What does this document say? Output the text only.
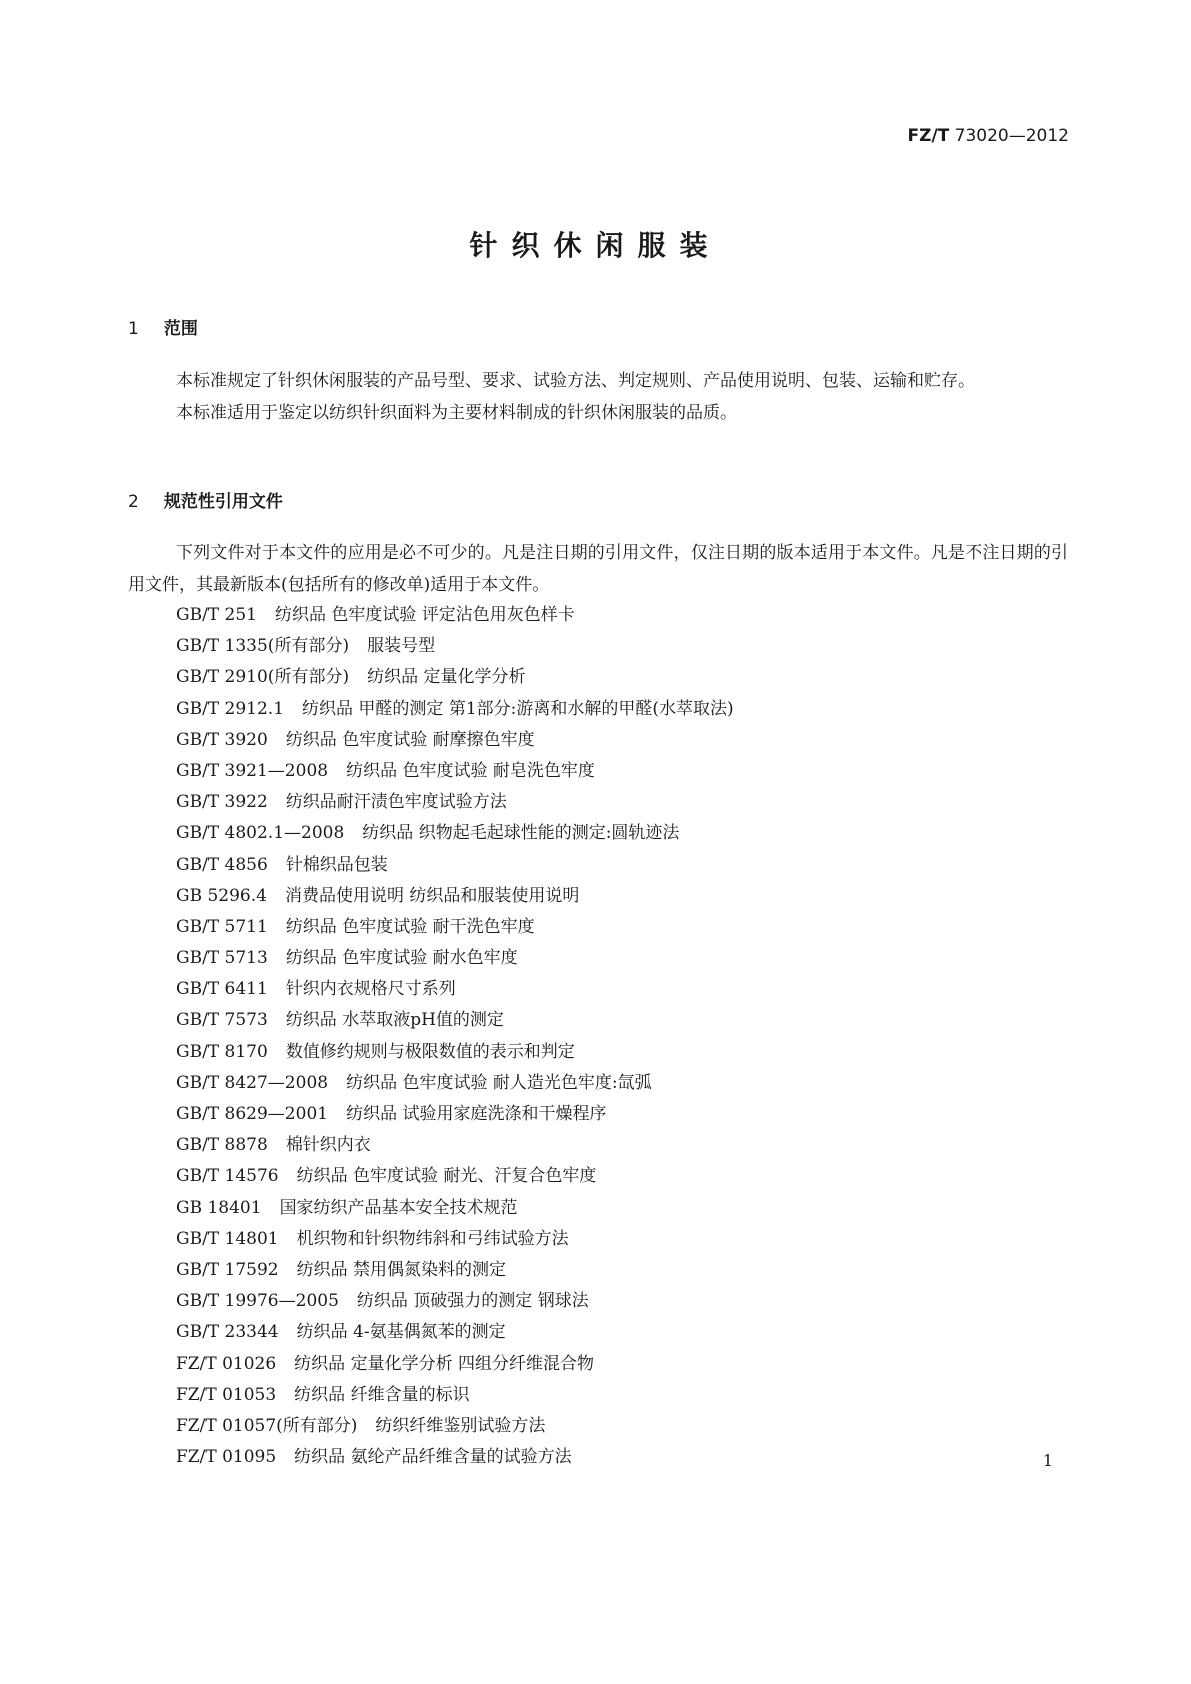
FZ/T 73020—2012
针织休闲服装
1 范围

本标准规定了针织休闲服装的产品号型、要求、试验方法、判定规则、产品使用说明、包装、运输和贮存。

本标准适用于鉴定以纺织针织面料为主要材料制成的针织休闲服装的品质。

2 规范性引用文件

下列文件对于本文件的应用是必不可少的。凡是注日期的引用文件，仅注日期的版本适用于本文件。凡是不注日期的引用文件，其最新版本(包括所有的修改单)适用于本文件。

GB/T 251 纺织品 色牢度试验 评定沾色用灰色样卡
GB/T 1335(所有部分) 服装号型
GB/T 2910(所有部分) 纺织品 定量化学分析
GB/T 2912.1 纺织品 甲醛的测定 第1部分:游离和水解的甲醛(水萃取法)
GB/T 3920 纺织品 色牢度试验 耐摩擦色牢度
GB/T 3921—2008 纺织品 色牢度试验 耐皂洗色牢度
GB/T 3922 纺织品耐汗渍色牢度试验方法
GB/T 4802.1—2008 纺织品 织物起毛起球性能的测定:圆轨迹法
GB/T 4856 针棉织品包装
GB 5296.4 消费品使用说明 纺织品和服装使用说明
GB/T 5711 纺织品 色牢度试验 耐干洗色牢度
GB/T 5713 纺织品 色牢度试验 耐水色牢度
GB/T 6411 针织内衣规格尺寸系列
GB/T 7573 纺织品 水萃取液pH值的测定
GB/T 8170 数值修约规则与极限数值的表示和判定
GB/T 8427—2008 纺织品 色牢度试验 耐人造光色牢度:氙弧
GB/T 8629—2001 纺织品 试验用家庭洗涤和干燥程序
GB/T 8878 棉针织内衣
GB/T 14576 纺织品 色牢度试验 耐光、汗复合色牢度
GB 18401 国家纺织产品基本安全技术规范
GB/T 14801 机织物和针织物纬斜和弓纬试验方法
GB/T 17592 纺织品 禁用偶氮染料的测定
GB/T 19976—2005 纺织品 顶破强力的测定 钢球法
GB/T 23344 纺织品 4-氨基偶氮苯的测定
FZ/T 01026 纺织品 定量化学分析 四组分纤维混合物
FZ/T 01053 纺织品 纤维含量的标识
FZ/T 01057(所有部分) 纺织纤维鉴别试验方法
FZ/T 01095 纺织品 氨纶产品纤维含量的试验方法	1
